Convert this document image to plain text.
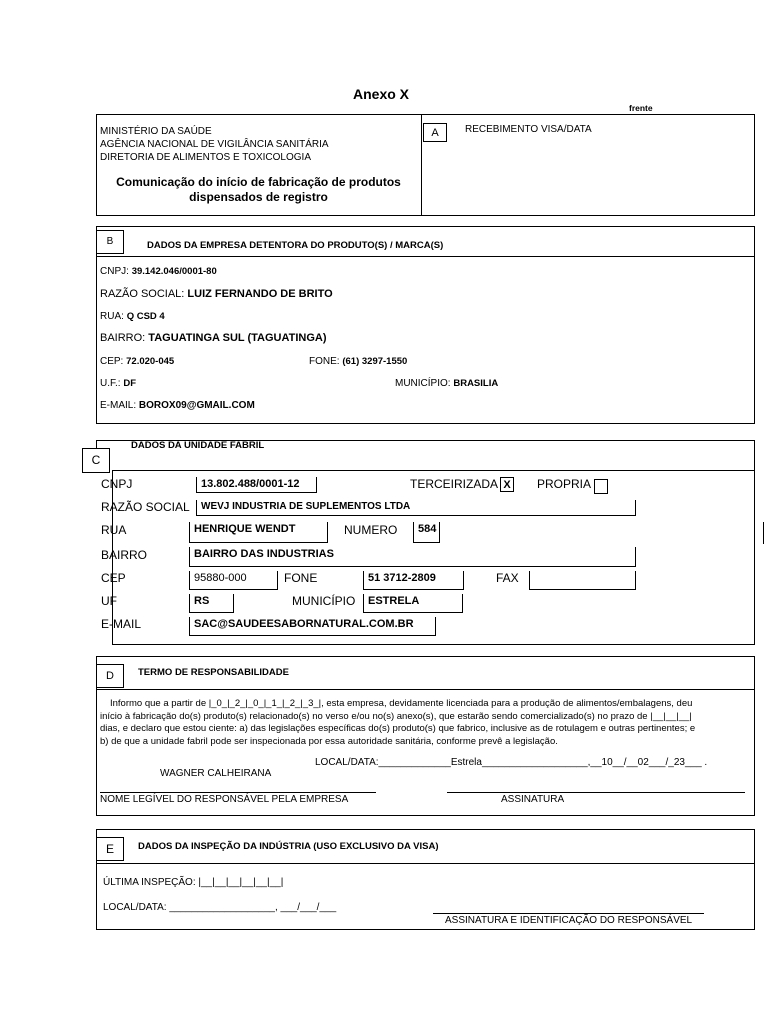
Anexo X
frente
MINISTÉRIO DA SAÚDE
AGÊNCIA NACIONAL DE VIGILÂNCIA SANITÁRIA
DIRETORIA DE ALIMENTOS E TOXICOLOGIA
Comunicação do início de fabricação de produtos
dispensados de registro
A	RECEBIMENTO VISA/DATA
B	DADOS DA EMPRESA DETENTORA DO PRODUTO(S) / MARCA(S)
CNPJ: 39.142.046/0001-80
RAZÃO SOCIAL: LUIZ FERNANDO DE BRITO
RUA: Q CSD 4
BAIRRO: TAGUATINGA SUL (TAGUATINGA)
CEP: 72.020-045	FONE: (61) 3297-1550
U.F.: DF	MUNICÍPIO: BRASILIA
E-MAIL: BOROX09@GMAIL.COM
C
DADOS DA UNIDADE FABRIL
CNPJ	13.802.488/0001-12	TERCEIRIZADA X PROPRIA
RAZÃO SOCIAL	WEVJ INDUSTRIA DE SUPLEMENTOS LTDA
RUA	HENRIQUE WENDT	NUMERO	584
BAIRRO	BAIRRO DAS INDUSTRIAS
CEP	95880-000	FONE	51 3712-2809	FAX
UF	RS	MUNICÍPIO	ESTRELA
E-MAIL	SAC@SAUDEESABORNATURAL.COM.BR
D	TERMO DE RESPONSABILIDADE
Informo que a partir de |_0_|_2_|_0_|_1_|_2_|_3_|, esta empresa, devidamente licenciada para a produção de alimentos/embalagens, deu
início à fabricação do(s) produto(s) relacionado(s) no verso e/ou no(s) anexo(s), que estarão sendo comercializado(s) no prazo de |__|__|__|
dias, e declaro que estou ciente: a) das legislações específicas do(s) produto(s) que fabrico, inclusive as de rotulagem e outras pertinentes; e
b) de que a unidade fabril pode ser inspecionada por essa autoridade sanitária, conforme prevê a legislação.
LOCAL/DATA:_____________Estrela___________________,__10__/__02___/_23___ .
WAGNER CALHEIRANA
NOME LEGÍVEL DO RESPONSÁVEL PELA EMPRESA	ASSINATURA
E	DADOS DA INSPEÇÃO DA INDÚSTRIA (USO EXCLUSIVO DA VISA)
ÚLTIMA INSPEÇÃO: |__|__|__|__|__|__|
LOCAL/DATA: ___________________, ___/___/___
ASSINATURA E IDENTIFICAÇÃO DO RESPONSÁVEL
